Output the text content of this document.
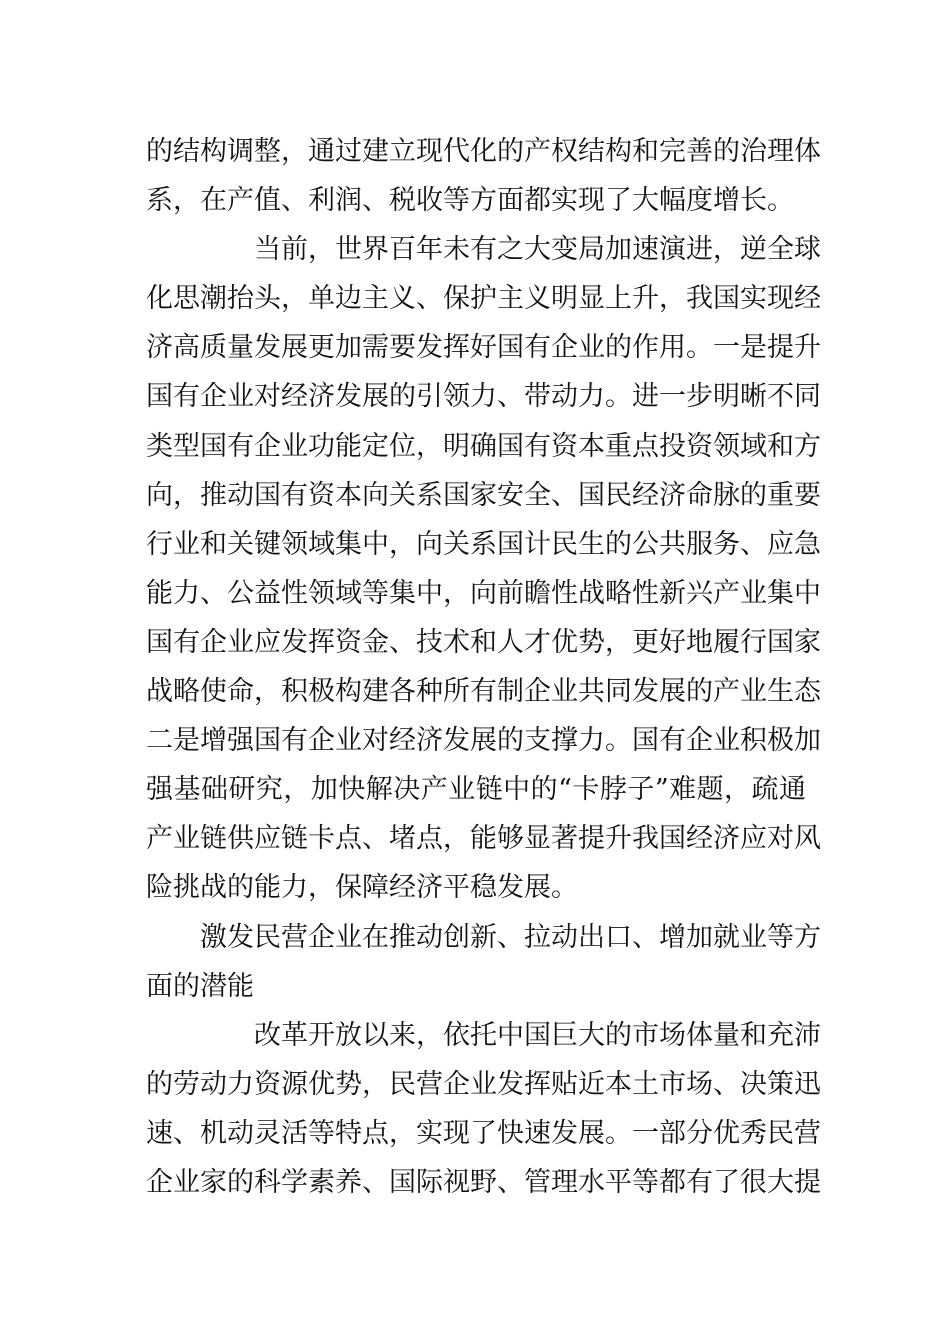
的结构调整，通过建立现代化的产权结构和完善的治理体
系，在产值、利润、税收等方面都实现了大幅度增长。
当前，世界百年未有之大变局加速演进，逆全球
化思潮抬头，单边主义、保护主义明显上升，我国实现经
济高质量发展更加需要发挥好国有企业的作用。一是提升
国有企业对经济发展的引领力、带动力。进一步明晰不同
类型国有企业功能定位，明确国有资本重点投资领域和方
向，推动国有资本向关系国家安全、国民经济命脉的重要
行业和关键领域集中，向关系国计民生的公共服务、应急
能力、公益性领域等集中，向前瞻性战略性新兴产业集中
国有企业应发挥资金、技术和人才优势，更好地履行国家
战略使命，积极构建各种所有制企业共同发展的产业生态
二是增强国有企业对经济发展的支撑力。国有企业积极加
强基础研究，加快解决产业链中的“卡脖子”难题，疏通
产业链供应链卡点、堵点，能够显著提升我国经济应对风
险挑战的能力，保障经济平稳发展。
激发民营企业在推动创新、拉动出口、增加就业等方
面的潜能
改革开放以来，依托中国巨大的市场体量和充沛
的劳动力资源优势，民营企业发挥贴近本土市场、决策迅
速、机动灵活等特点，实现了快速发展。一部分优秀民营
企业家的科学素养、国际视野、管理水平等都有了很大提
